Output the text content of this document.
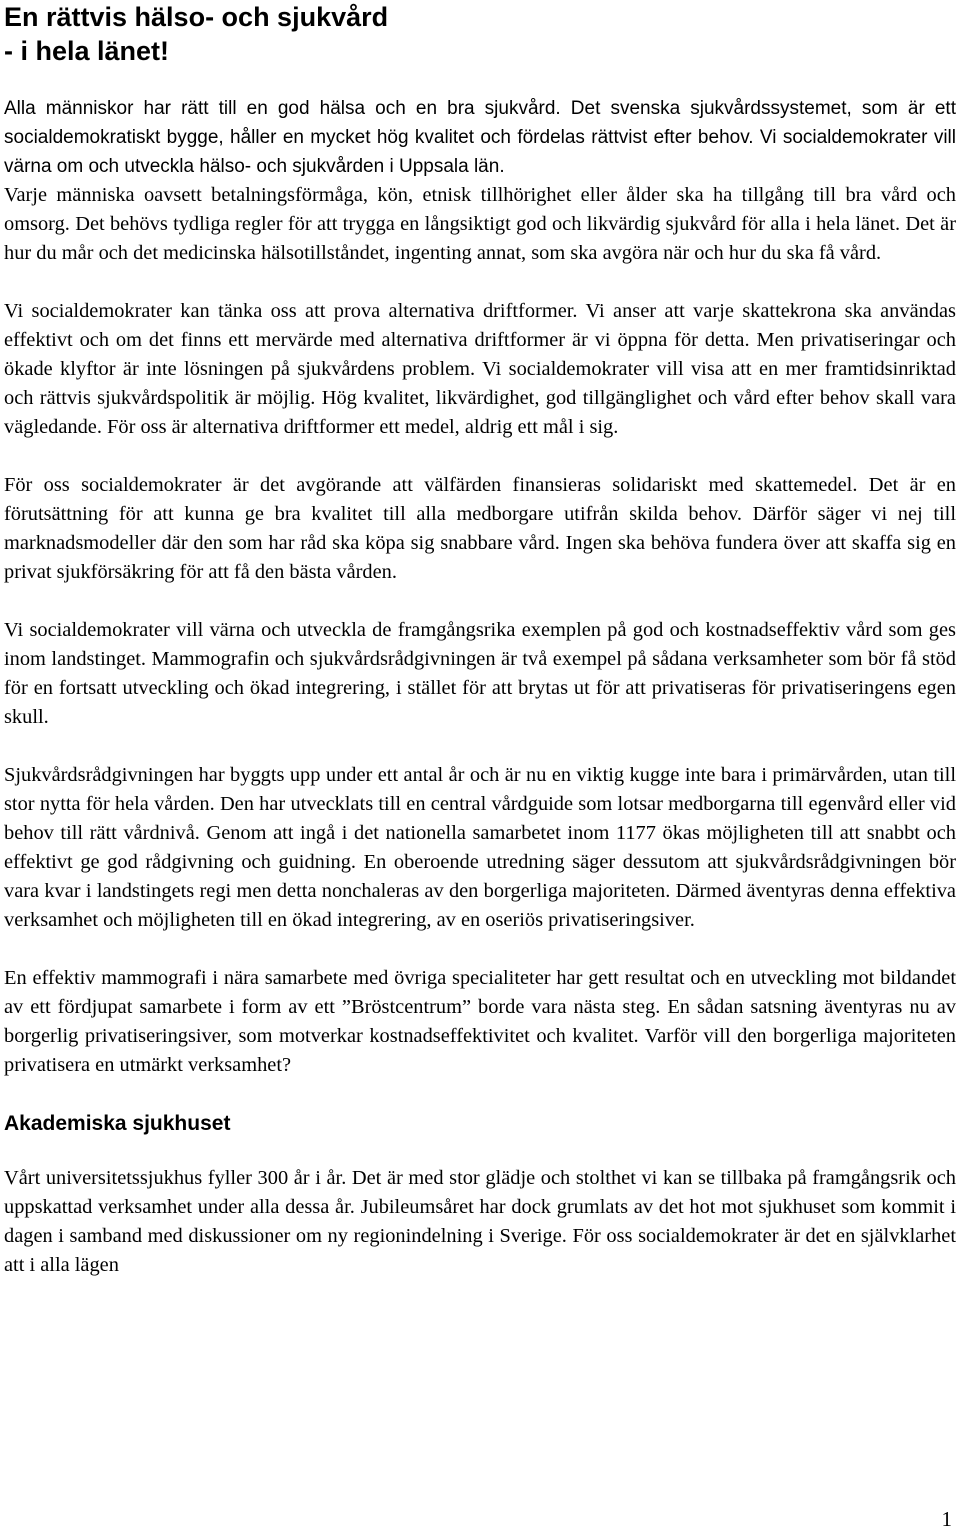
En rättvis hälso- och sjukvård
- i hela länet!

Alla människor har rätt till en god hälsa och en bra sjukvård. Det svenska sjukvårdssystemet, som är ett socialdemokratiskt bygge, håller en mycket hög kvalitet och fördelas rättvist efter behov. Vi socialdemokrater vill värna om och utveckla hälso- och sjukvården i Uppsala län.

Varje människa oavsett betalningsförmåga, kön, etnisk tillhörighet eller ålder ska ha tillgång till bra vård och omsorg. Det behövs tydliga regler för att trygga en långsiktigt god och likvärdig sjukvård för alla i hela länet. Det är hur du mår och det medicinska hälsotillståndet, ingenting annat, som ska avgöra när och hur du ska få vård.

Vi socialdemokrater kan tänka oss att prova alternativa driftformer. Vi anser att varje skattekrona ska användas effektivt och om det finns ett mervärde med alternativa driftformer är vi öppna för detta. Men privatiseringar och ökade klyftor är inte lösningen på sjukvårdens problem. Vi socialdemokrater vill visa att en mer framtidsinriktad och rättvis sjukvårdspolitik är möjlig. Hög kvalitet, likvärdighet, god tillgänglighet och vård efter behov skall vara vägledande. För oss är alternativa driftformer ett medel, aldrig ett mål i sig.

För oss socialdemokrater är det avgörande att välfärden finansieras solidariskt med skattemedel. Det är en förutsättning för att kunna ge bra kvalitet till alla medborgare utifrån skilda behov. Därför säger vi nej till marknadsmodeller där den som har råd ska köpa sig snabbare vård. Ingen ska behöva fundera över att skaffa sig en privat sjukförsäkring för att få den bästa vården.

Vi socialdemokrater vill värna och utveckla de framgångsrika exemplen på god och kostnadseffektiv vård som ges inom landstinget. Mammografin och sjukvårdsrådgivningen är två exempel på sådana verksamheter som bör få stöd för en fortsatt utveckling och ökad integrering, i stället för att brytas ut för att privatiseras för privatiseringens egen skull.

Sjukvårdsrådgivningen har byggts upp under ett antal år och är nu en viktig kugge inte bara i primärvården, utan till stor nytta för hela vården. Den har utvecklats till en central vårdguide som lotsar medborgarna till egenvård eller vid behov till rätt vårdnivå. Genom att ingå i det nationella samarbetet inom 1177 ökas möjligheten till att snabbt och effektivt ge god rådgivning och guidning. En oberoende utredning säger dessutom att sjukvårdsrådgivningen bör vara kvar i landstingets regi men detta nonchaleras av den borgerliga majoriteten. Därmed äventyras denna effektiva verksamhet och möjligheten till en ökad integrering, av en oseriös privatiseringsiver.

En effektiv mammografi i nära samarbete med övriga specialiteter har gett resultat och en utveckling mot bildandet av ett fördjupat samarbete i form av ett ”Bröstcentrum” borde vara nästa steg. En sådan satsning äventyras nu av borgerlig privatiseringsiver, som motverkar kostnadseffektivitet och kvalitet. Varför vill den borgerliga majoriteten privatisera en utmärkt verksamhet?

Akademiska sjukhuset

Vårt universitetssjukhus fyller 300 år i år. Det är med stor glädje och stolthet vi kan se tillbaka på framgångsrik och uppskattad verksamhet under alla dessa år. Jubileumsåret har dock grumlats av det hot mot sjukhuset som kommit i dagen i samband med diskussioner om ny regionindelning i Sverige. För oss socialdemokrater är det en självklarhet att i alla lägen

1
